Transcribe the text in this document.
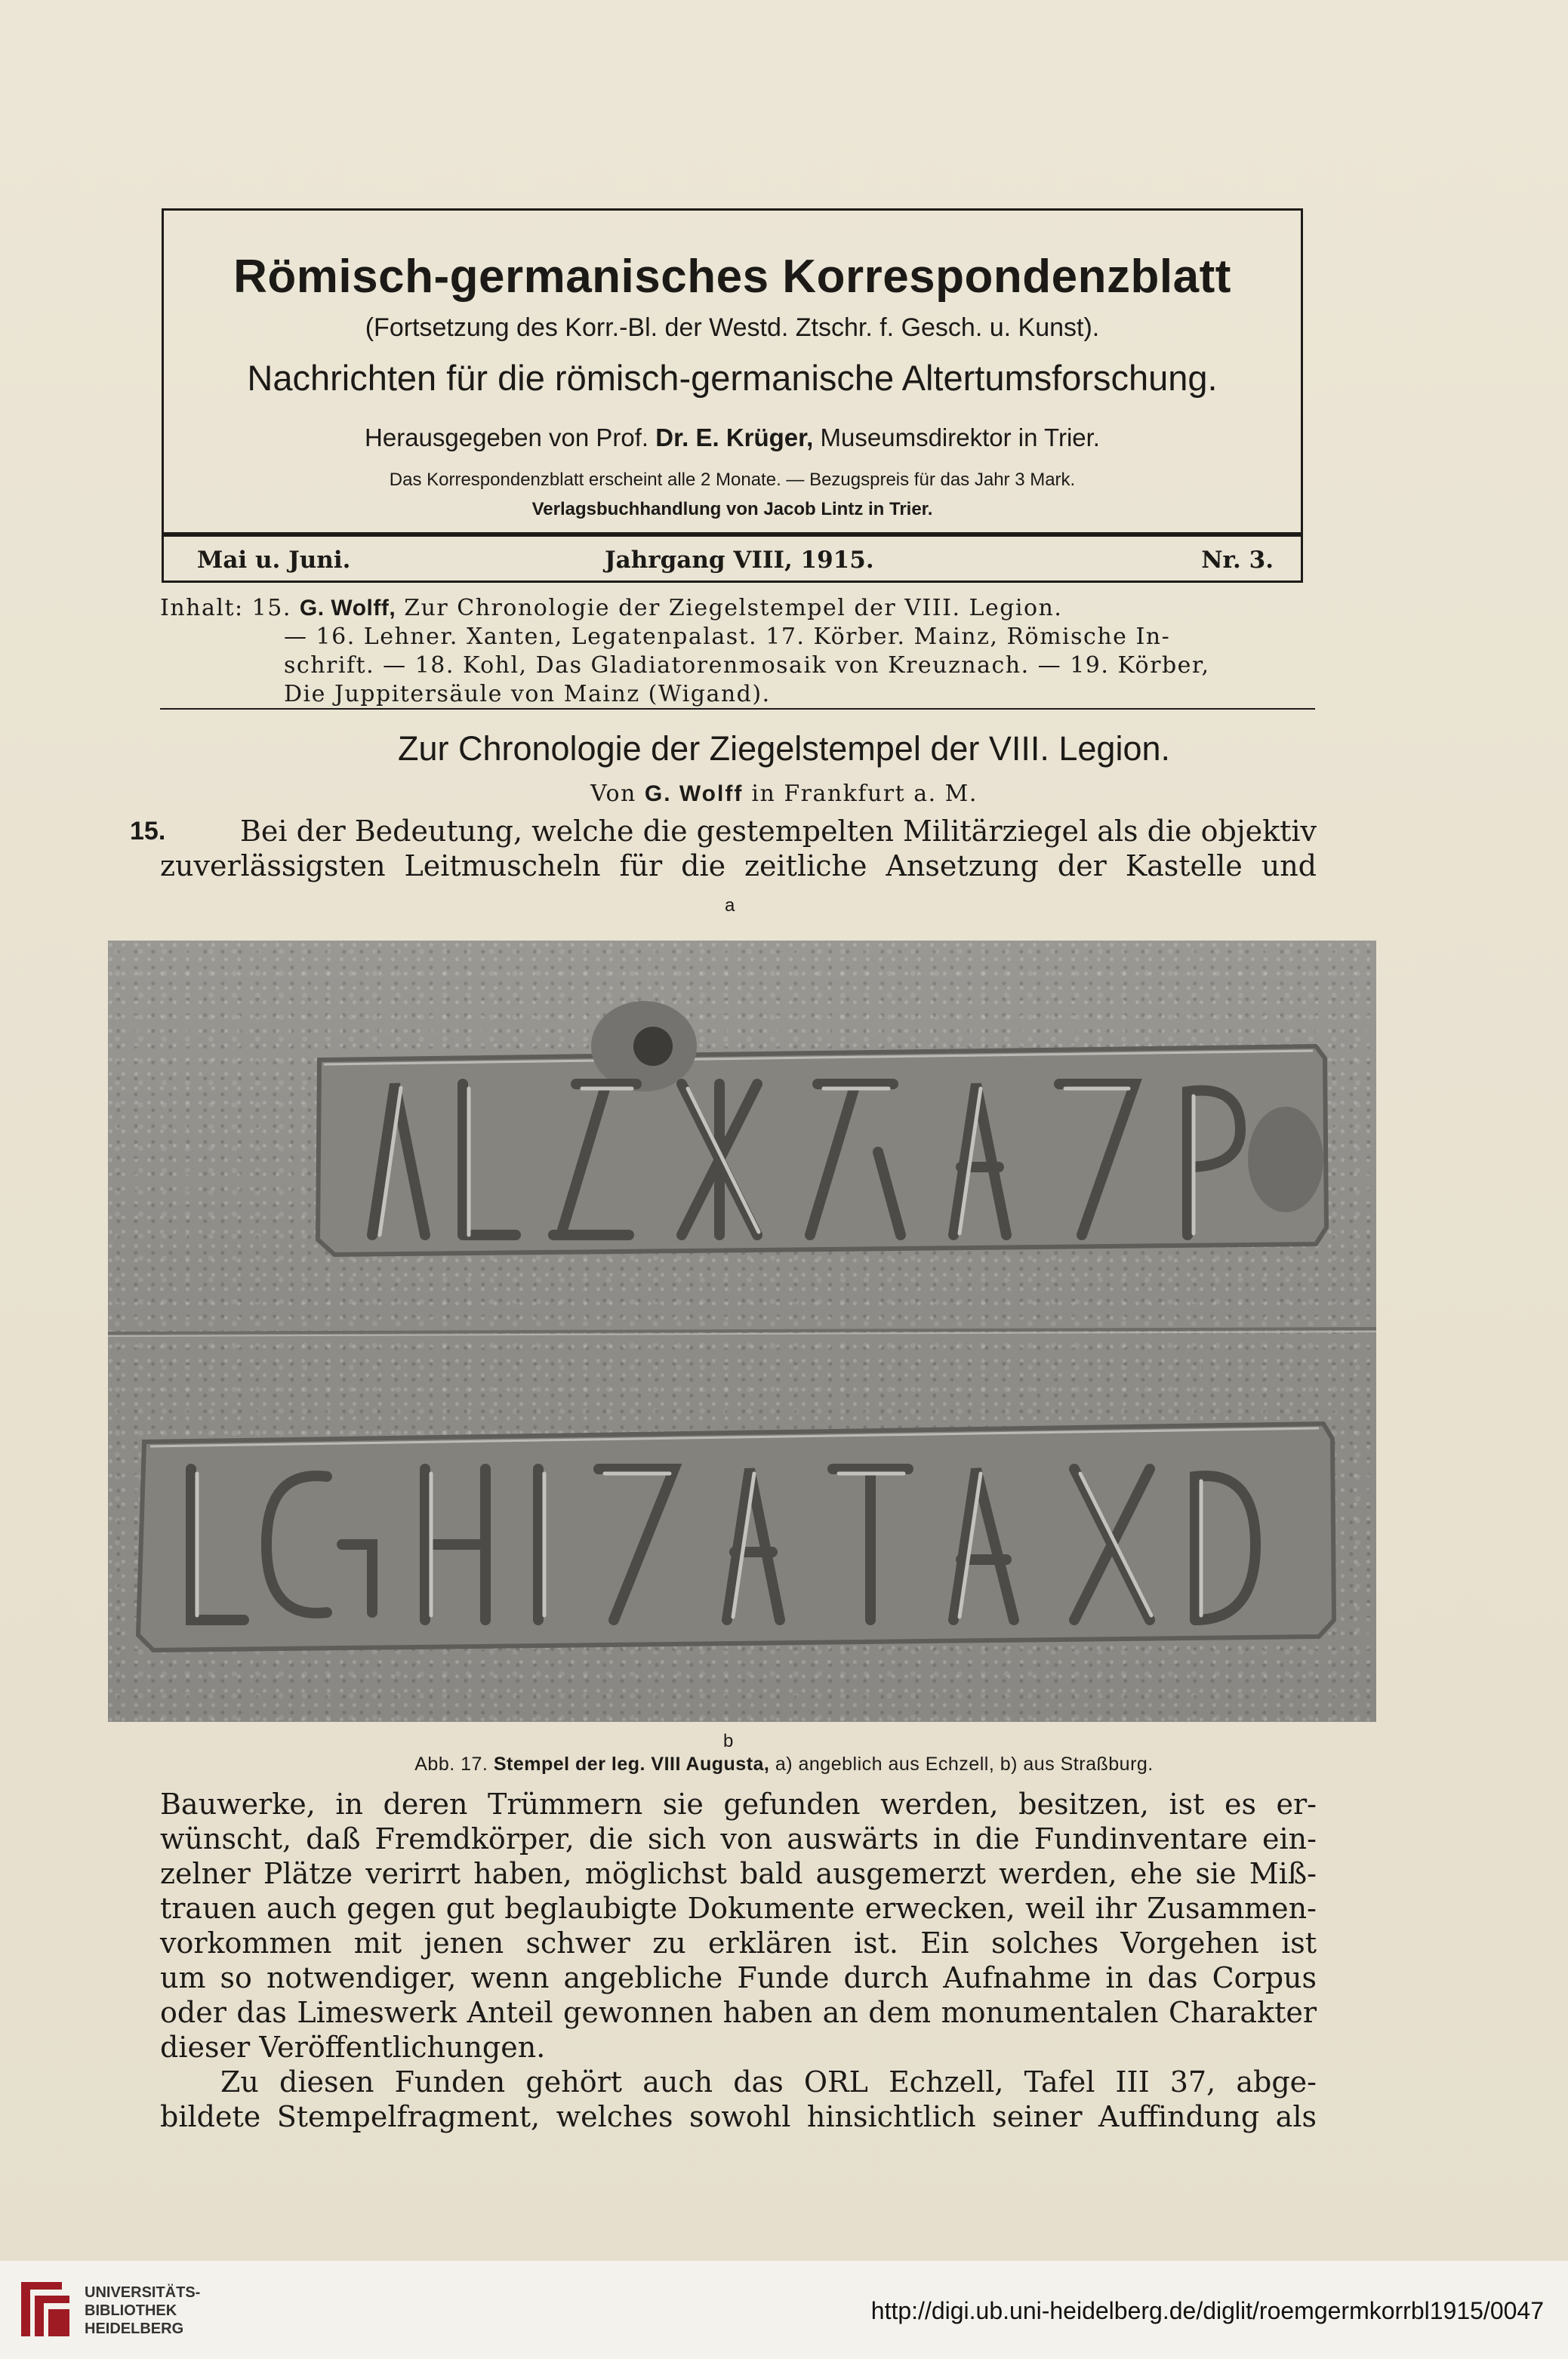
Römisch-germanisches Korrespondenzblatt
(Fortsetzung des Korr.-Bl. der Westd. Ztschr. f. Gesch. u. Kunst).
Nachrichten für die römisch-germanische Altertumsforschung.
Herausgegeben von Prof. Dr. E. Krüger, Museumsdirektor in Trier.
Das Korrespondenzblatt erscheint alle 2 Monate. — Bezugspreis für das Jahr 3 Mark.
Verlagsbuchhandlung von Jacob Lintz in Trier.
Mai u. Juni.	Jahrgang VIII, 1915.	Nr. 3.
Inhalt: 15. G. Wolff, Zur Chronologie der Ziegelstempel der VIII. Legion.
— 16. Lehner. Xanten, Legatenpalast. 17. Körber. Mainz, Römische In-
schrift. — 18. Kohl, Das Gladiatorenmosaik von Kreuznach. — 19. Körber,
Die Juppitersäule von Mainz (Wigand).
Zur Chronologie der Ziegelstempel der VIII. Legion.
Von G. Wolff in Frankfurt a. M.
15.	Bei der Bedeutung, welche die gestempelten Militärziegel als die objektiv
zuverlässigsten Leitmuscheln für die zeitliche Ansetzung der Kastelle und
a
b
Abb. 17. Stempel der leg. VIII Augusta, a) angeblich aus Echzell, b) aus Straßburg.
Bauwerke, in deren Trümmern sie gefunden werden, besitzen, ist es er-
wünscht, daß Fremdkörper, die sich von auswärts in die Fundinventare ein-
zelner Plätze verirrt haben, möglichst bald ausgemerzt werden, ehe sie Miß-
trauen auch gegen gut beglaubigte Dokumente erwecken, weil ihr Zusammen-
vorkommen mit jenen schwer zu erklären ist. Ein solches Vorgehen ist
um so notwendiger, wenn angebliche Funde durch Aufnahme in das Corpus
oder das Limeswerk Anteil gewonnen haben an dem monumentalen Charakter
dieser Veröffentlichungen.
Zu diesen Funden gehört auch das ORL Echzell, Tafel III 37, abge-
bildete Stempelfragment, welches sowohl hinsichtlich seiner Auffindung als
UNIVERSITÄTS-
BIBLIOTHEK
HEIDELBERG
http://digi.ub.uni-heidelberg.de/diglit/roemgermkorrbl1915/0047
